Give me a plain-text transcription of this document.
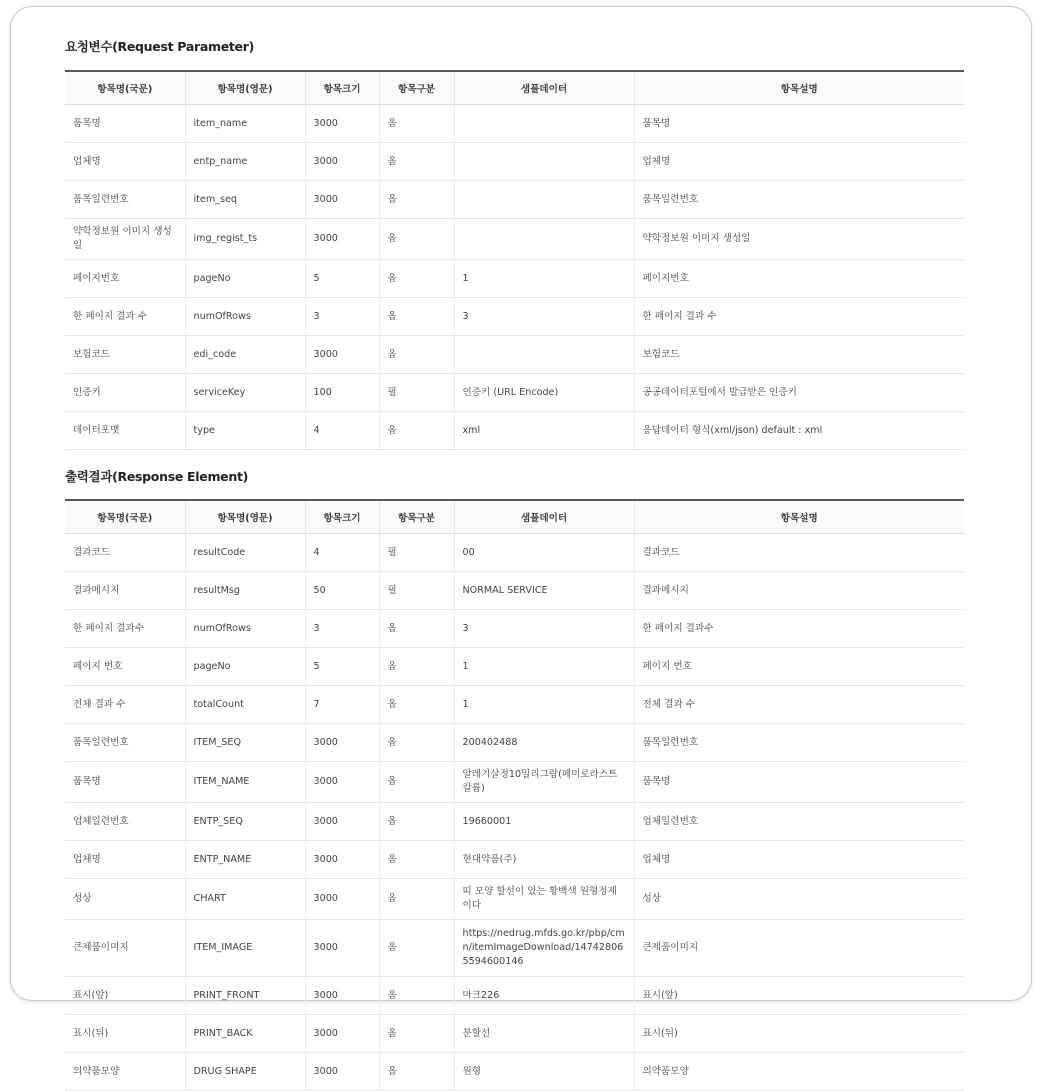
요청변수(Request Parameter)
항목명(국문)	항목명(영문)	항목크기	항목구분	샘플데이터	항목설명
품목명	item_name	3000	옵		품목명
업체명	entp_name	3000	옵		업체명
품목일련번호	item_seq	3000	옵		품목일련번호
약학정보원 이미지 생성일	img_regist_ts	3000	옵		약학정보원 이미지 생성일
페이지번호	pageNo	5	옵	1	페이지번호
한 페이지 결과 수	numOfRows	3	옵	3	한 페이지 결과 수
보험코드	edi_code	3000	옵		보험코드
인증키	serviceKey	100	필	인증키 (URL Encode)	공공데이터포털에서 발급받은 인증키
데이터포맷	type	4	옵	xml	응답데이터 형식(xml/json) default : xml
출력결과(Response Element)
항목명(국문)	항목명(영문)	항목크기	항목구분	샘플데이터	항목설명
결과코드	resultCode	4	필	00	결과코드
결과메시지	resultMsg	50	필	NORMAL SERVICE	결과메시지
한 페이지 결과수	numOfRows	3	옵	3	한 페이지 결과수
페이지 번호	pageNo	5	옵	1	페이지 번호
전체 결과 수	totalCount	7	옵	1	전체 결과 수
품목일련번호	ITEM_SEQ	3000	옵	200402488	품목일련번호
품목명	ITEM_NAME	3000	옵	알레기살정10밀리그람(페미로라스트칼륨)	품목명
업체일련번호	ENTP_SEQ	3000	옵	19660001	업체일련번호
업체명	ENTP_NAME	3000	옵	현대약품(주)	업체명
성상	CHART	3000	옵	띠 모양 할선이 있는 황백색 원형정제이다	성상
큰제품이미지	ITEM_IMAGE	3000	옵	https://nedrug.mfds.go.kr/pbp/cmn/itemImageDownload/147428065594600146	큰제품이미지
표시(앞)	PRINT_FRONT	3000	옵	마크226	표시(앞)
표시(뒤)	PRINT_BACK	3000	옵	분할선	표시(뒤)
의약품모양	DRUG SHAPE	3000	옵	원형	의약품모양
